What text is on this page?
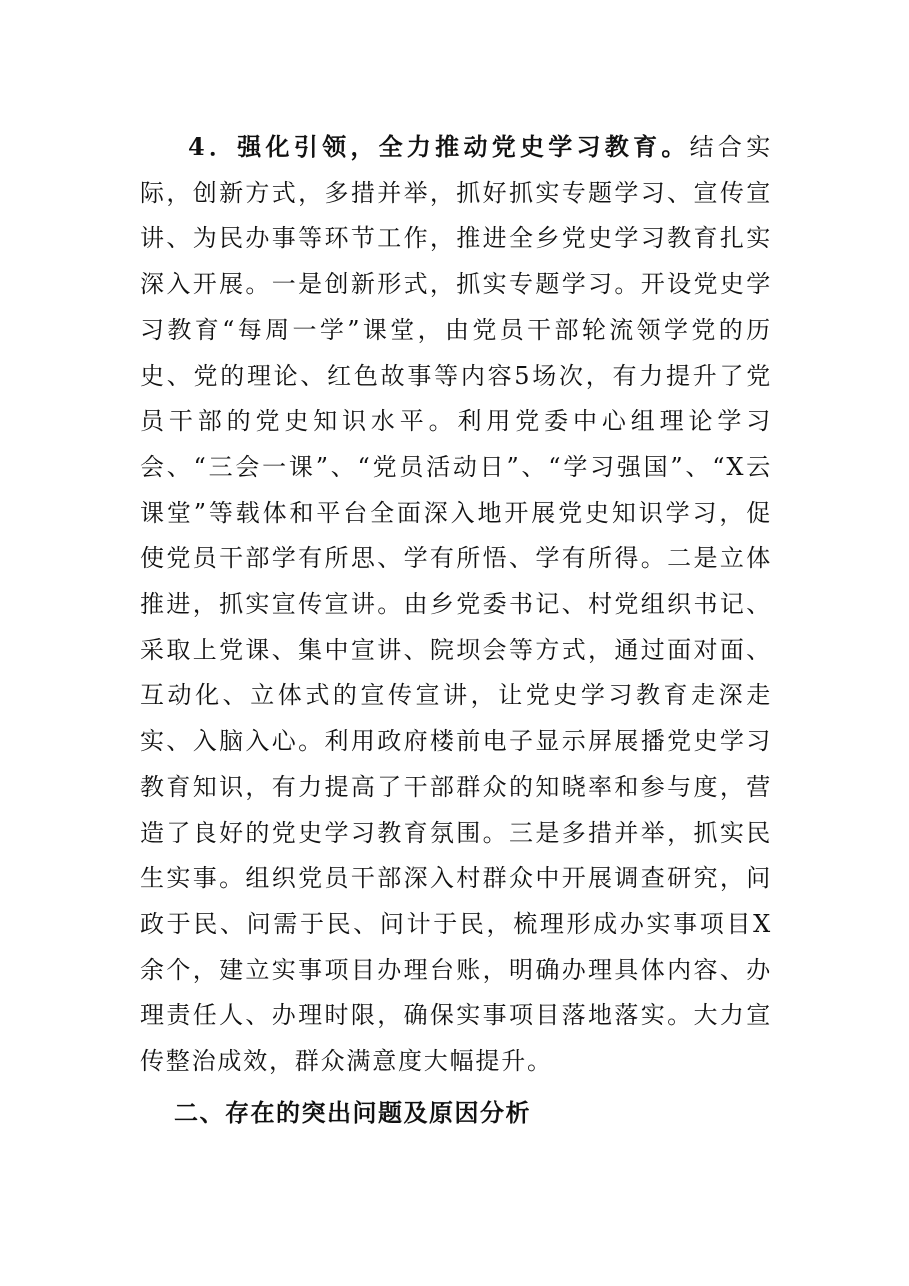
4．强化引领，全力推动党史学习教育。结合实际，创新方式，多措并举，抓好抓实专题学习、宣传宣讲、为民办事等环节工作，推进全乡党史学习教育扎实深入开展。一是创新形式，抓实专题学习。开设党史学习教育“每周一学”课堂，由党员干部轮流领学党的历史、党的理论、红色故事等内容5场次，有力提升了党员干部的党史知识水平。利用党委中心组理论学习会、“三会一课”、“党员活动日”、“学习强国”、“X云课堂”等载体和平台全面深入地开展党史知识学习，促使党员干部学有所思、学有所悟、学有所得。二是立体推进，抓实宣传宣讲。由乡党委书记、村党组织书记、采取上党课、集中宣讲、院坝会等方式，通过面对面、互动化、立体式的宣传宣讲，让党史学习教育走深走实、入脑入心。利用政府楼前电子显示屏展播党史学习教育知识，有力提高了干部群众的知晓率和参与度，营造了良好的党史学习教育氛围。三是多措并举，抓实民生实事。组织党员干部深入村群众中开展调查研究，问政于民、问需于民、问计于民，梳理形成办实事项目X余个，建立实事项目办理台账，明确办理具体内容、办理责任人、办理时限，确保实事项目落地落实。大力宣传整治成效，群众满意度大幅提升。

二、存在的突出问题及原因分析
